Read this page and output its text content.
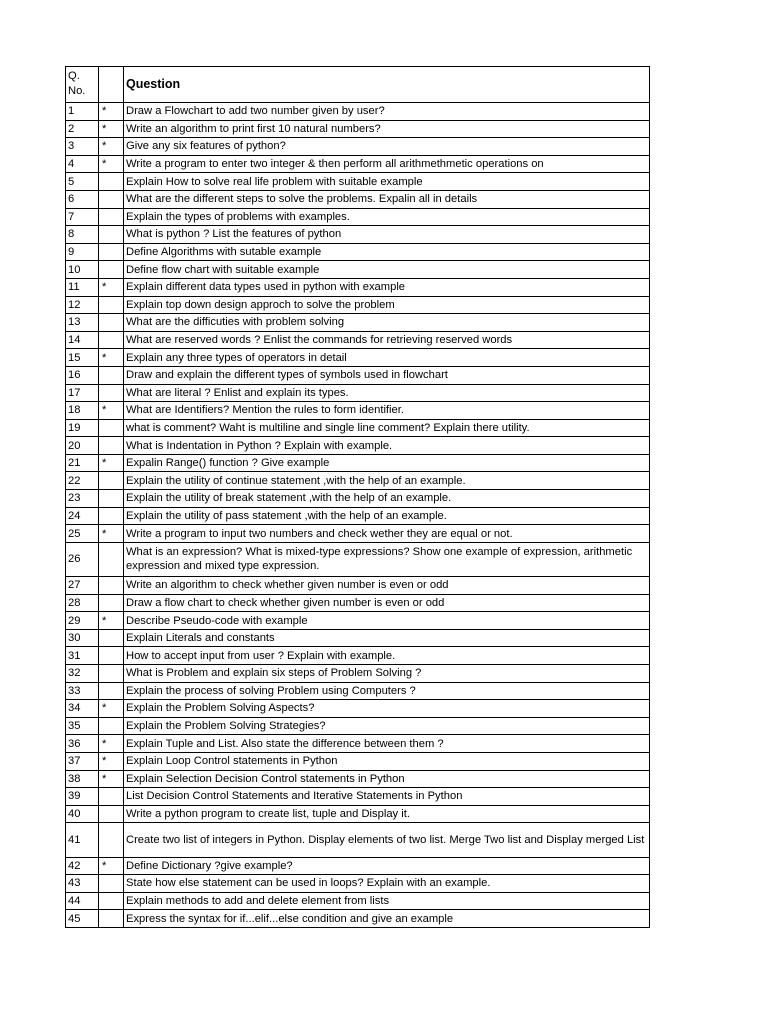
Q.
No.		Question

1	*	Draw a Flowchart to add two number given by user?
2	*	Write an algorithm to print first 10 natural numbers?
3	*	Give any six features of python?
4	*	Write a program to enter two integer & then perform all arithmethmetic operations on
5		Explain How to solve real life problem with suitable example
6		What are the different steps to solve the problems. Expalin all in details
7		Explain the types of problems with examples.
8		What is python ? List the features of python
9		Define Algorithms with sutable example
10		Define flow chart with suitable example
11	*	Explain different data types used in python with example
12		Explain top down design approch to solve the problem
13		What are the difficuties with problem solving
14		What are reserved words ? Enlist the commands for retrieving reserved words
15	*	Explain any three types of operators in detail
16		Draw and explain the different types of symbols used in flowchart
17		What are literal ? Enlist and explain its types.
18	*	What are Identifiers? Mention the rules to form identifier.
19		what is comment? Waht is multiline and single line comment? Explain there utility.
20		What is Indentation in Python ? Explain with example.
21	*	Expalin Range() function ? Give example
22		Explain the utility of continue statement ,with the help of an example.
23		Explain the utility of break statement ,with the help of an example.
24		Explain the utility of pass statement ,with the help of an example.
25	*	Write a program to input two numbers and check wether they are equal or not.
26		What is an expression? What is mixed-type expressions? Show one example of expression, arithmetic expression and mixed type expression.
27		Write an algorithm to check whether given number is even or odd
28		Draw a flow chart to check whether given number is even or odd
29	*	Describe Pseudo-code with example
30		Explain Literals and constants
31		How to accept input from user ? Explain with example.
32		What is Problem and explain six steps of Problem Solving ?
33		Explain the process of solving Problem using Computers ?
34	*	Explain the Problem Solving Aspects?
35		Explain the Problem Solving Strategies?
36	*	Explain Tuple and List. Also state the difference between them ?
37	*	Explain Loop Control statements in Python
38	*	Explain Selection Decision Control statements in Python
39		List Decision Control Statements and Iterative Statements in Python
40		Write a python program to create list, tuple and Display it.
41		Create two list of integers in Python. Display elements of two list. Merge Two list and Display merged List
42	*	Define Dictionary ?give example?
43		State how else statement can be used in loops? Explain with an example.
44		Explain methods to add and delete element from lists
45		Express the syntax for if...elif...else condition and give an example
